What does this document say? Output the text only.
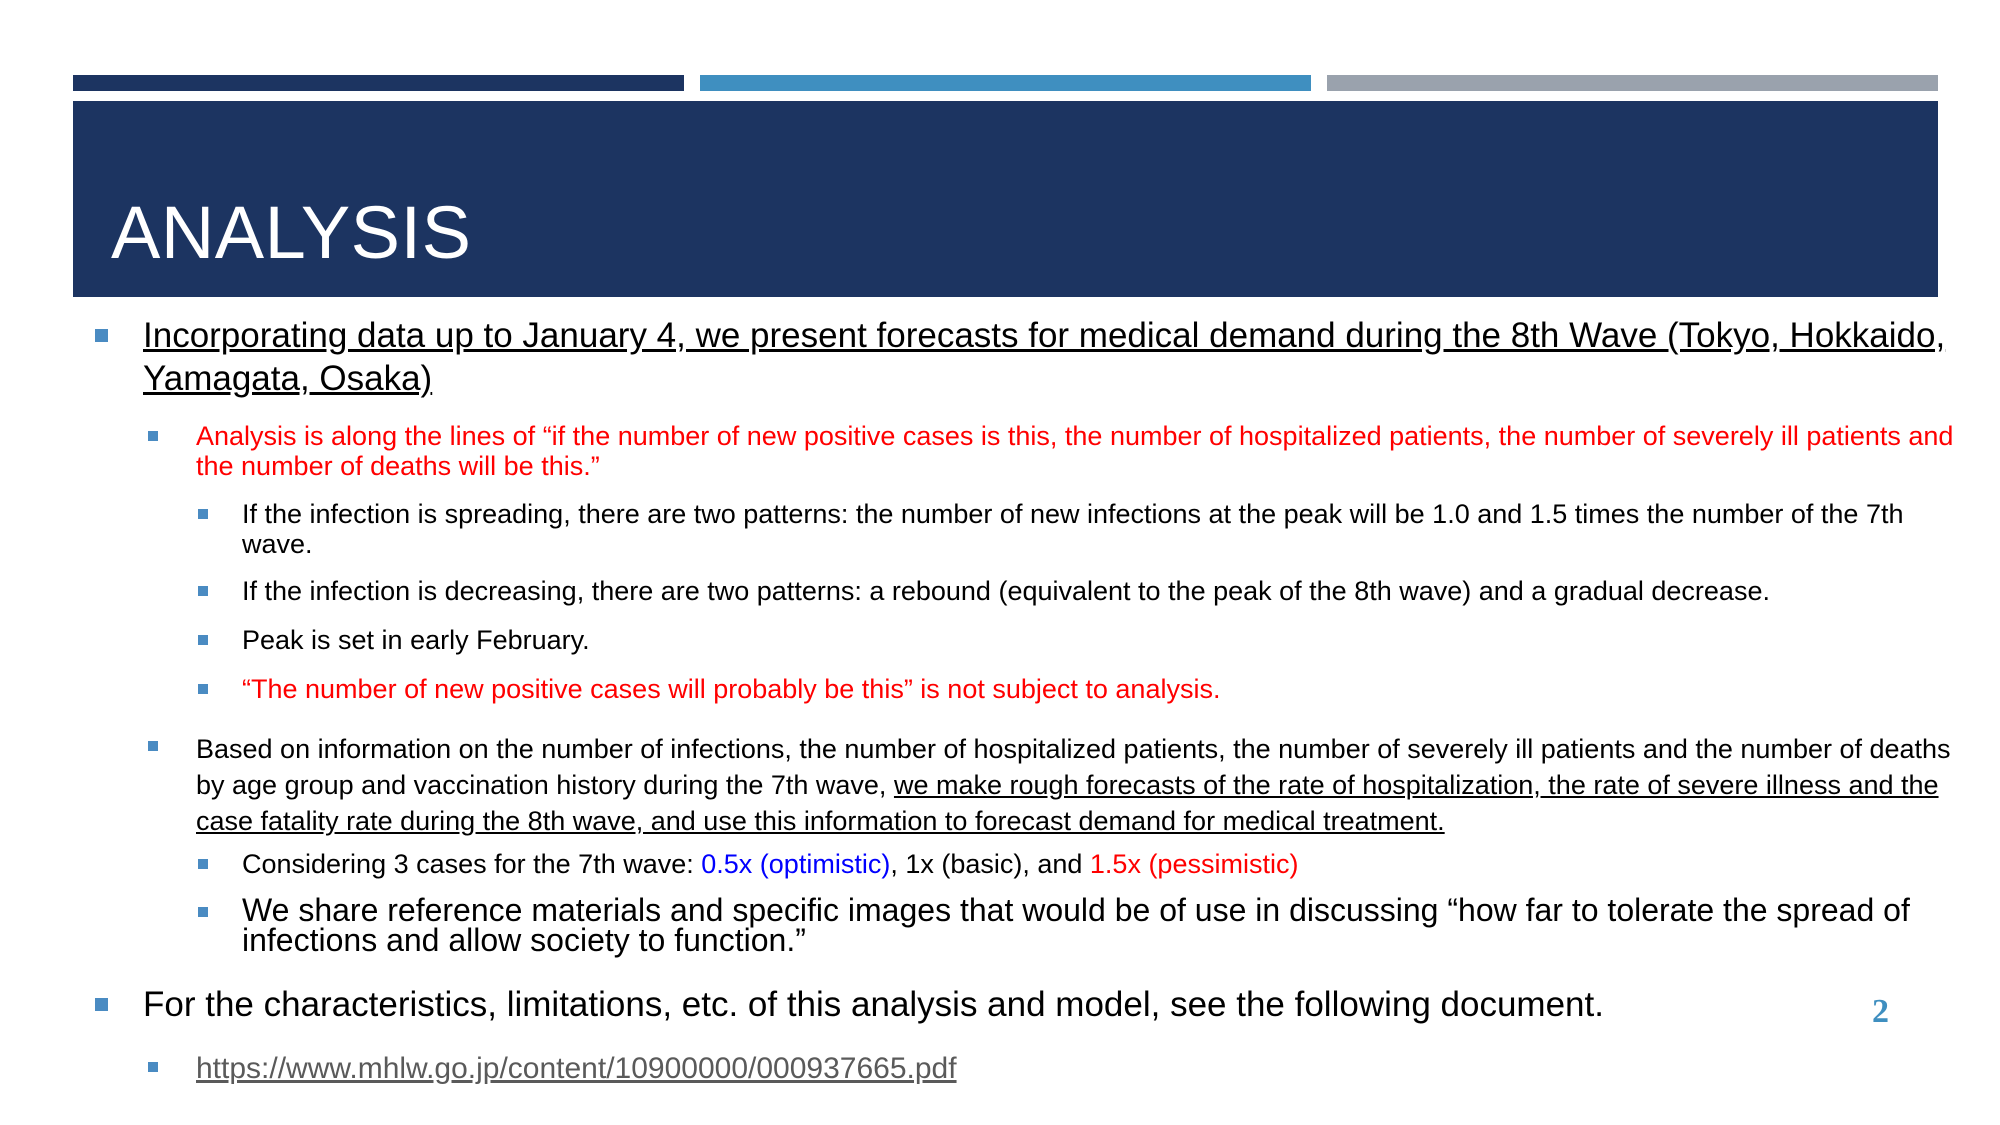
ANALYSIS
Incorporating data up to January 4, we present forecasts for medical demand during the 8th Wave (Tokyo, Hokkaido, Yamagata, Osaka)
Analysis is along the lines of “if the number of new positive cases is this, the number of hospitalized patients, the number of severely ill patients and the number of deaths will be this.”
If the infection is spreading, there are two patterns: the number of new infections at the peak will be 1.0 and 1.5 times the number of the 7th wave.
If the infection is decreasing, there are two patterns: a rebound (equivalent to the peak of the 8th wave) and a gradual decrease.
Peak is set in early February.
“The number of new positive cases will probably be this” is not subject to analysis.
Based on information on the number of infections, the number of hospitalized patients, the number of severely ill patients and the number of deaths by age group and vaccination history during the 7th wave, we make rough forecasts of the rate of hospitalization, the rate of severe illness and the case fatality rate during the 8th wave, and use this information to forecast demand for medical treatment.
Considering 3 cases for the 7th wave: 0.5x (optimistic), 1x (basic), and 1.5x (pessimistic)
We share reference materials and specific images that would be of use in discussing “how far to tolerate the spread of infections and allow society to function.”
For the characteristics, limitations, etc. of this analysis and model, see the following document.
https://www.mhlw.go.jp/content/10900000/000937665.pdf
2
